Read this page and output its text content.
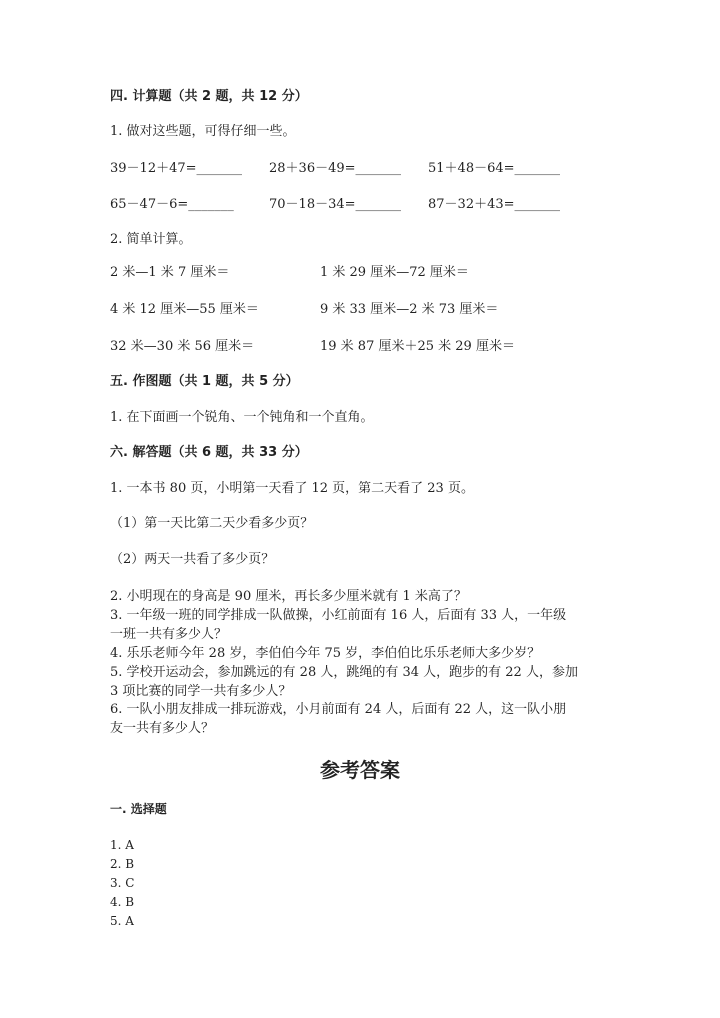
四. 计算题（共 2 题，共 12 分）
1. 做对这些题，可得仔细一些。
39－12＋47=_______ 28＋36－49=_______ 51＋48－64=_______
65－47－6=_______	70－18－34=_______ 87－32＋43=_______
2. 简单计算。
2 米—1 米 7 厘米＝	1 米 29 厘米—72 厘米＝
4 米 12 厘米—55 厘米＝	9 米 33 厘米—2 米 73 厘米＝
32 米—30 米 56 厘米＝	19 米 87 厘米＋25 米 29 厘米＝
五. 作图题（共 1 题，共 5 分）
1. 在下面画一个锐角、一个钝角和一个直角。
六. 解答题（共 6 题，共 33 分）
1. 一本书 80 页，小明第一天看了 12 页，第二天看了 23 页。
（1）第一天比第二天少看多少页？
（2）两天一共看了多少页？
2. 小明现在的身高是 90 厘米，再长多少厘米就有 1 米高了？
3. 一年级一班的同学排成一队做操，小红前面有 16 人，后面有 33 人，一年级
一班一共有多少人？
4. 乐乐老师今年 28 岁，李伯伯今年 75 岁，李伯伯比乐乐老师大多少岁？
5. 学校开运动会，参加跳远的有 28 人，跳绳的有 34 人，跑步的有 22 人，参加
3 项比赛的同学一共有多少人？
6. 一队小朋友排成一排玩游戏，小月前面有 24 人，后面有 22 人，这一队小朋
友一共有多少人？
参考答案
一. 选择题
1. A
2. B
3. C
4. B
5. A
